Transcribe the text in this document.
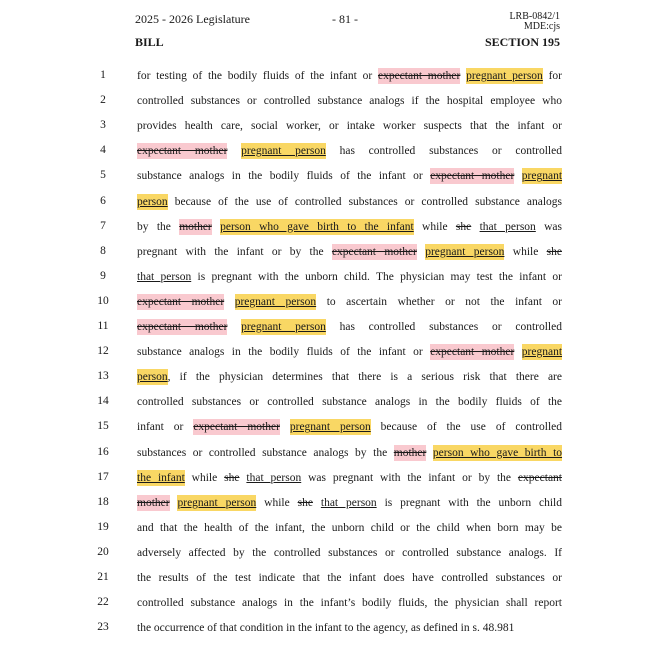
2025 - 2026 Legislature	- 81 -	LRB-0842/1
MDE:cjs
BILL	SECTION 195
1	for testing of the bodily fluids of the infant or expectant mother pregnant person for
2	controlled substances or controlled substance analogs if the hospital employee who
3	provides health care, social worker, or intake worker suspects that the infant or
4	expectant mother pregnant person has controlled substances or controlled
5	substance analogs in the bodily fluids of the infant or expectant mother pregnant
6	person because of the use of controlled substances or controlled substance analogs
7	by the mother person who gave birth to the infant while she that person was
8	pregnant with the infant or by the expectant mother pregnant person while she
9	that person is pregnant with the unborn child. The physician may test the infant or
10	expectant mother pregnant person to ascertain whether or not the infant or
11	expectant mother pregnant person has controlled substances or controlled
12	substance analogs in the bodily fluids of the infant or expectant mother pregnant
13	person, if the physician determines that there is a serious risk that there are
14	controlled substances or controlled substance analogs in the bodily fluids of the
15	infant or expectant mother pregnant person because of the use of controlled
16	substances or controlled substance analogs by the mother person who gave birth to
17	the infant while she that person was pregnant with the infant or by the expectant
18	mother pregnant person while she that person is pregnant with the unborn child
19	and that the health of the infant, the unborn child or the child when born may be
20	adversely affected by the controlled substances or controlled substance analogs. If
21	the results of the test indicate that the infant does have controlled substances or
22	controlled substance analogs in the infant’s bodily fluids, the physician shall report
23	the occurrence of that condition in the infant to the agency, as defined in s. 48.981
